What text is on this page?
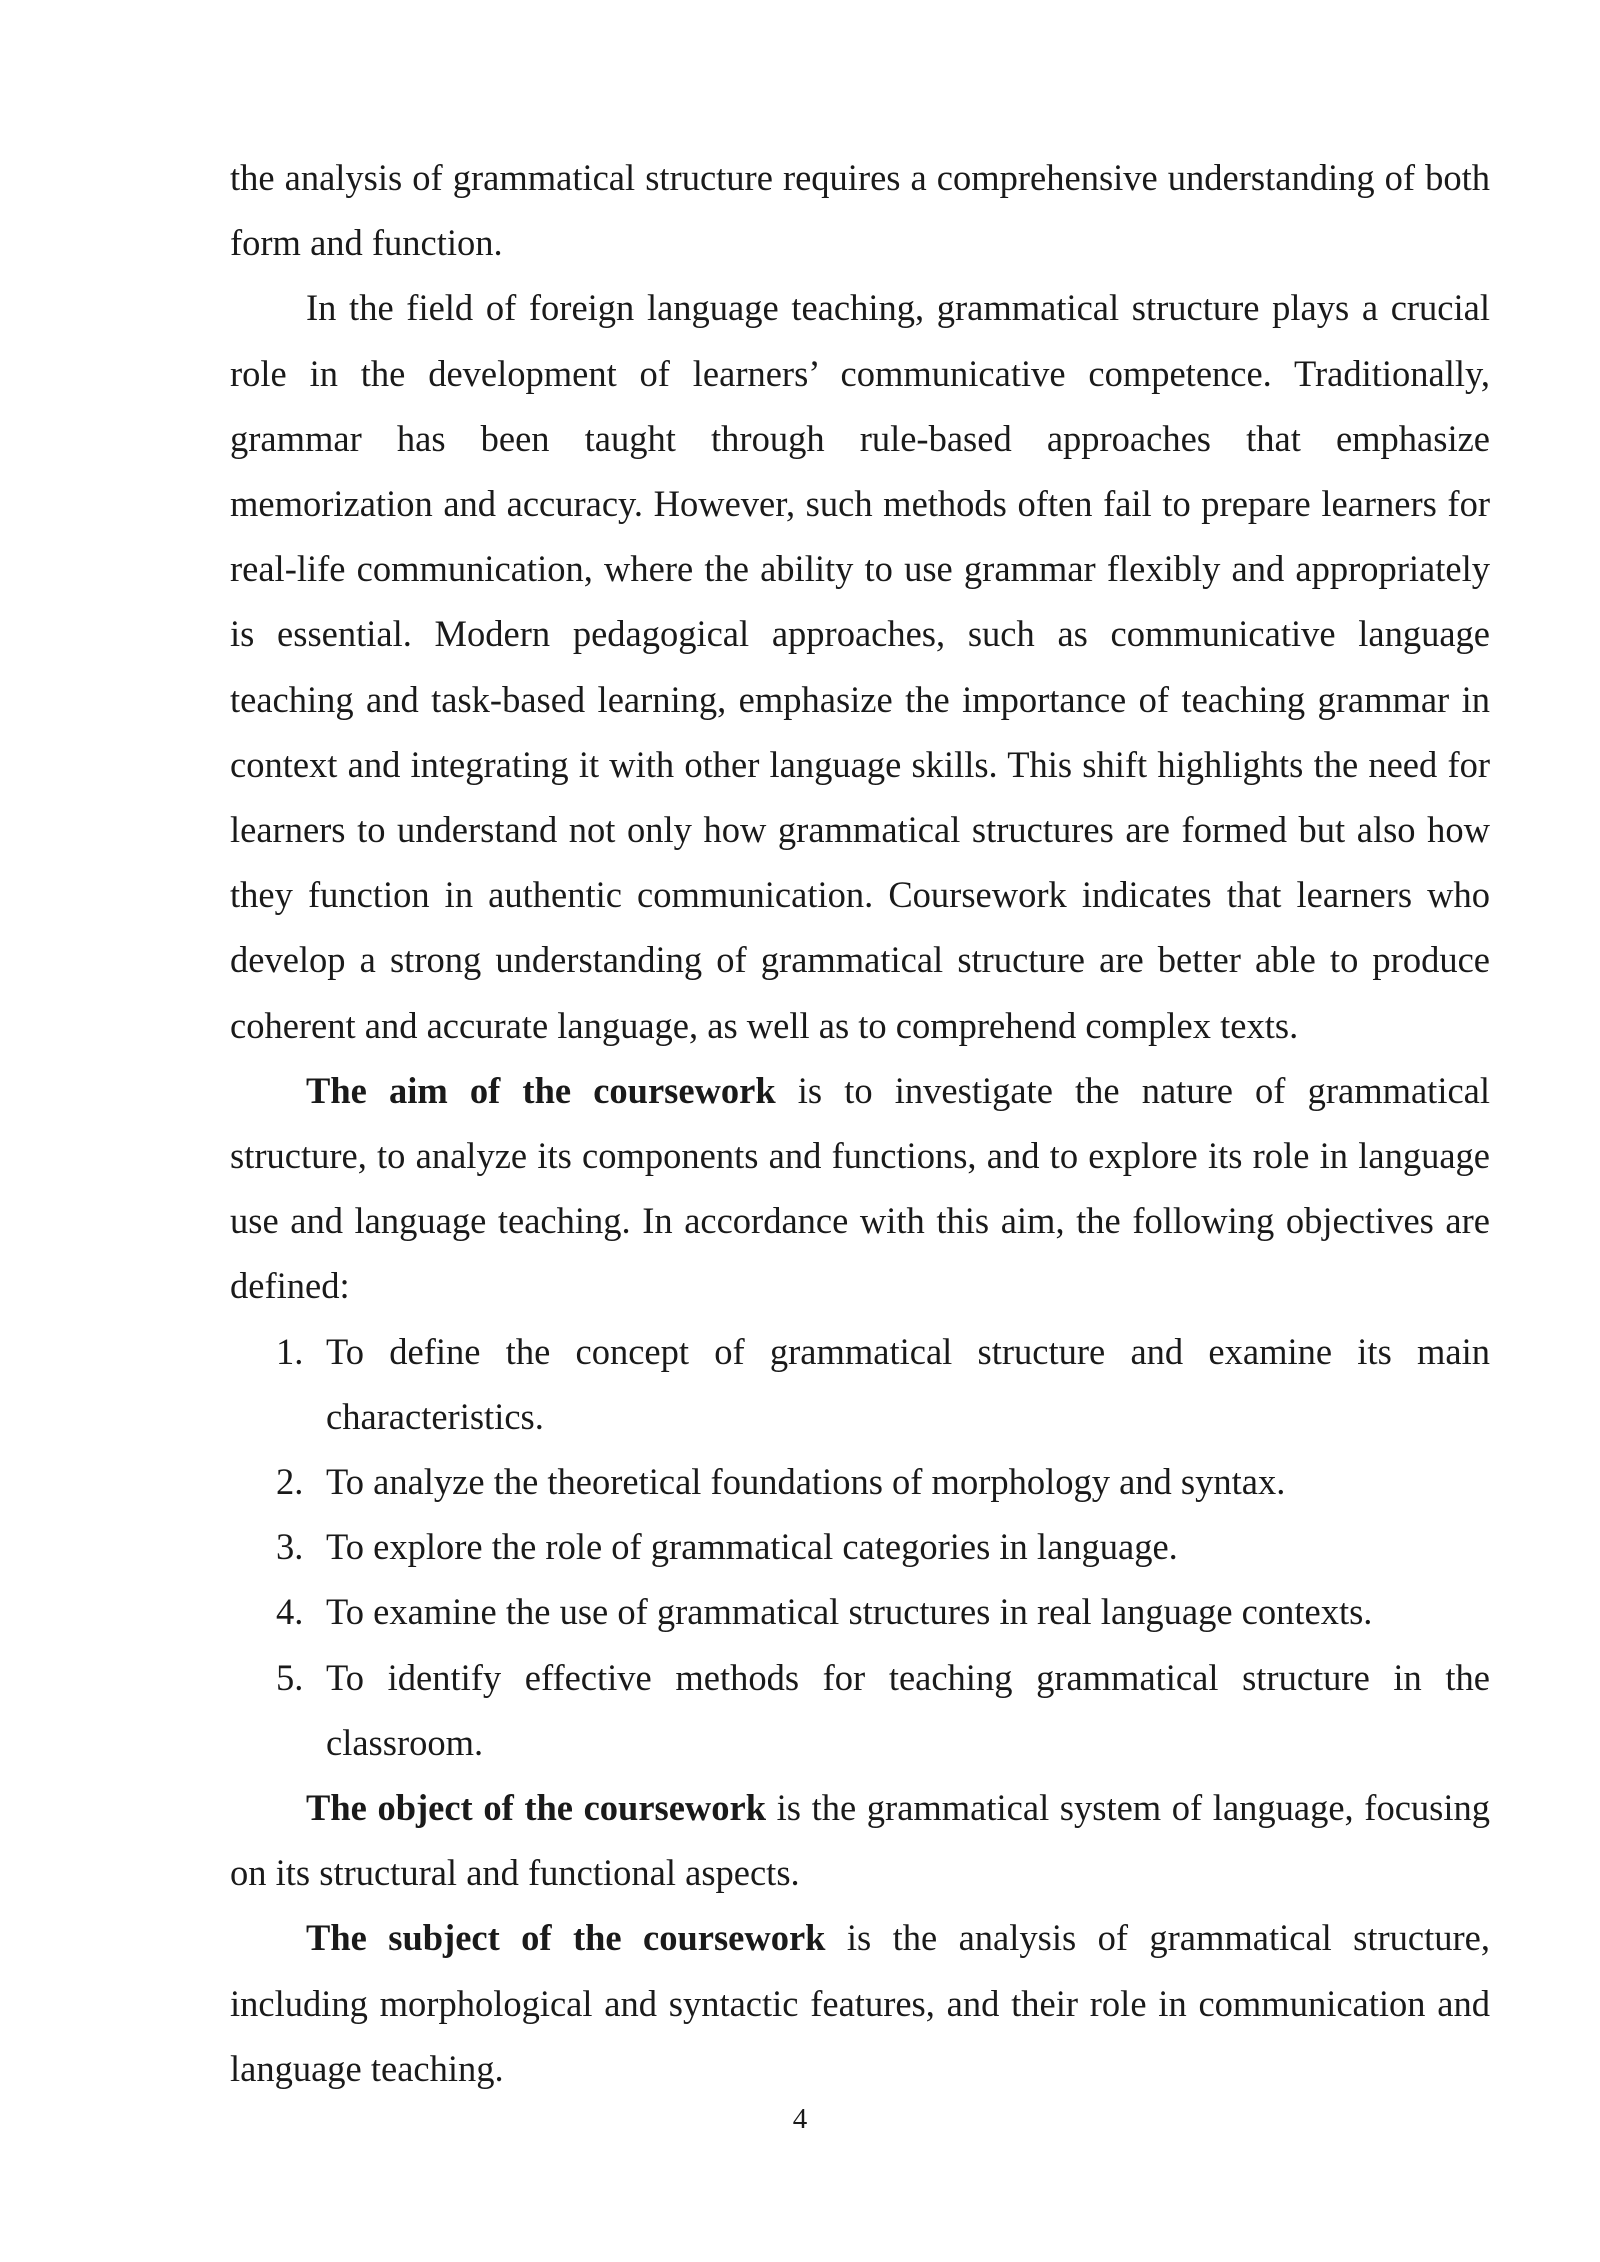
the analysis of grammatical structure requires a comprehensive understanding of both form and function.

In the field of foreign language teaching, grammatical structure plays a crucial role in the development of learners’ communicative competence. Traditionally, grammar has been taught through rule-based approaches that emphasize memorization and accuracy. However, such methods often fail to prepare learners for real-life communication, where the ability to use grammar flexibly and appropriately is essential. Modern pedagogical approaches, such as communicative language teaching and task-based learning, emphasize the importance of teaching grammar in context and integrating it with other language skills. This shift highlights the need for learners to understand not only how grammatical structures are formed but also how they function in authentic communication. Coursework indicates that learners who develop a strong understanding of grammatical structure are better able to produce coherent and accurate language, as well as to comprehend complex texts.

The aim of the coursework is to investigate the nature of grammatical structure, to analyze its components and functions, and to explore its role in language use and language teaching. In accordance with this aim, the following objectives are defined:

1. To define the concept of grammatical structure and examine its main characteristics.
2. To analyze the theoretical foundations of morphology and syntax.
3. To explore the role of grammatical categories in language.
4. To examine the use of grammatical structures in real language contexts.
5. To identify effective methods for teaching grammatical structure in the classroom.

The object of the coursework is the grammatical system of language, focusing on its structural and functional aspects.

The subject of the coursework is the analysis of grammatical structure, including morphological and syntactic features, and their role in communication and language teaching.

4
